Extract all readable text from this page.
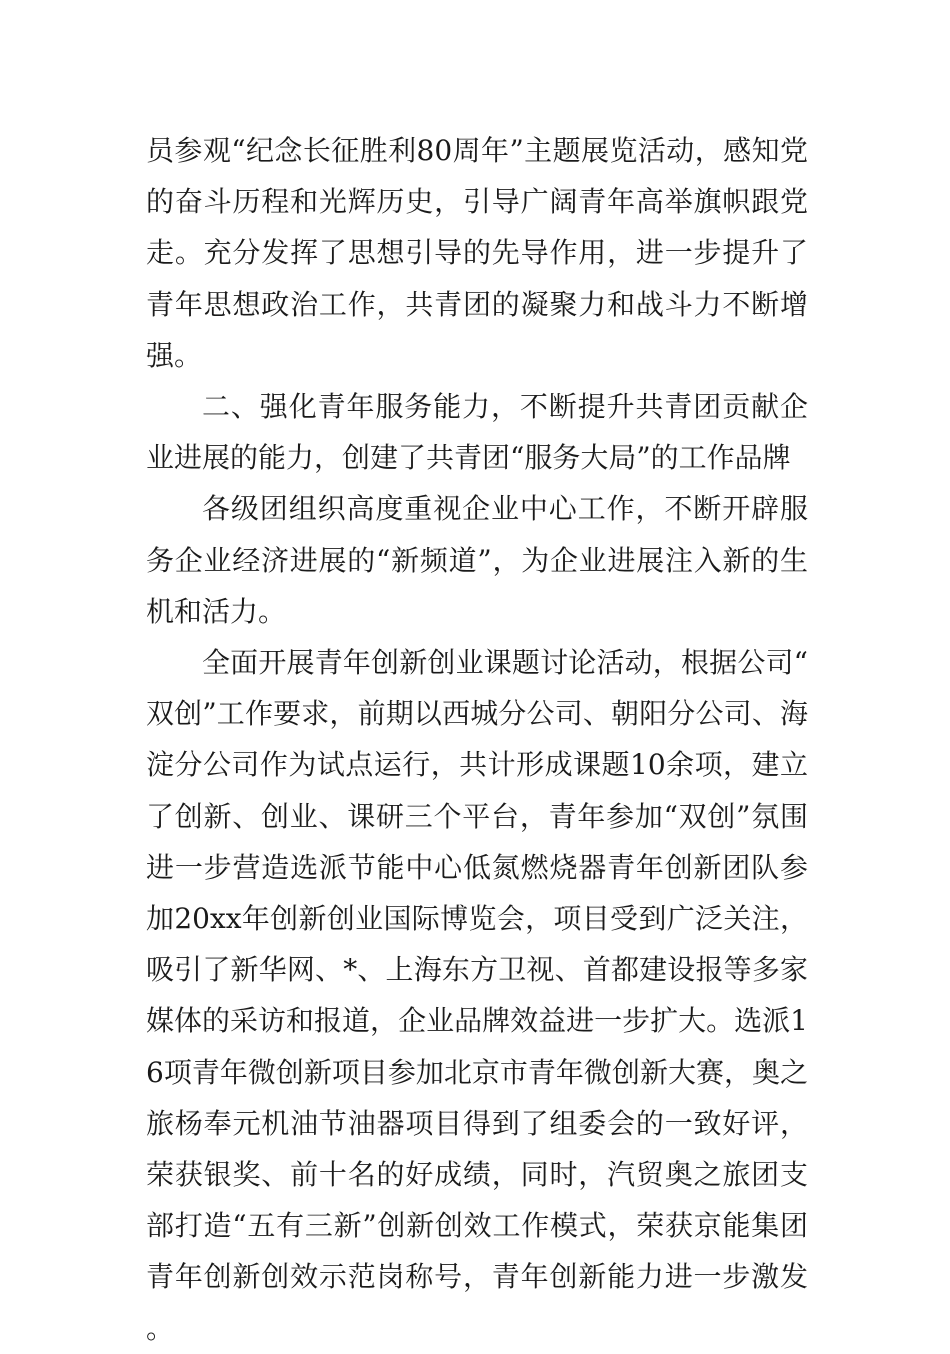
员参观“纪念长征胜利80周年”主题展览活动，感知党的奋斗历程和光辉历史，引导广阔青年高举旗帜跟党走。充分发挥了思想引导的先导作用，进一步提升了青年思想政治工作，共青团的凝聚力和战斗力不断增强。

二、强化青年服务能力，不断提升共青团贡献企业进展的能力，创建了共青团“服务大局”的工作品牌

各级团组织高度重视企业中心工作，不断开辟服务企业经济进展的“新频道”，为企业进展注入新的生机和活力。

全面开展青年创新创业课题讨论活动，根据公司“双创”工作要求，前期以西城分公司、朝阳分公司、海淀分公司作为试点运行，共计形成课题10余项，建立了创新、创业、课研三个平台，青年参加“双创”氛围进一步营造选派节能中心低氮燃烧器青年创新团队参加20xx年创新创业国际博览会，项目受到广泛关注，吸引了新华网、*、上海东方卫视、首都建设报等多家媒体的采访和报道，企业品牌效益进一步扩大。选派16项青年微创新项目参加北京市青年微创新大赛，奥之旅杨奉元机油节油器项目得到了组委会的一致好评，荣获银奖、前十名的好成绩，同时，汽贸奥之旅团支部打造“五有三新”创新创效工作模式，荣获京能集团青年创新创效示范岗称号，青年创新能力进一步激发。
